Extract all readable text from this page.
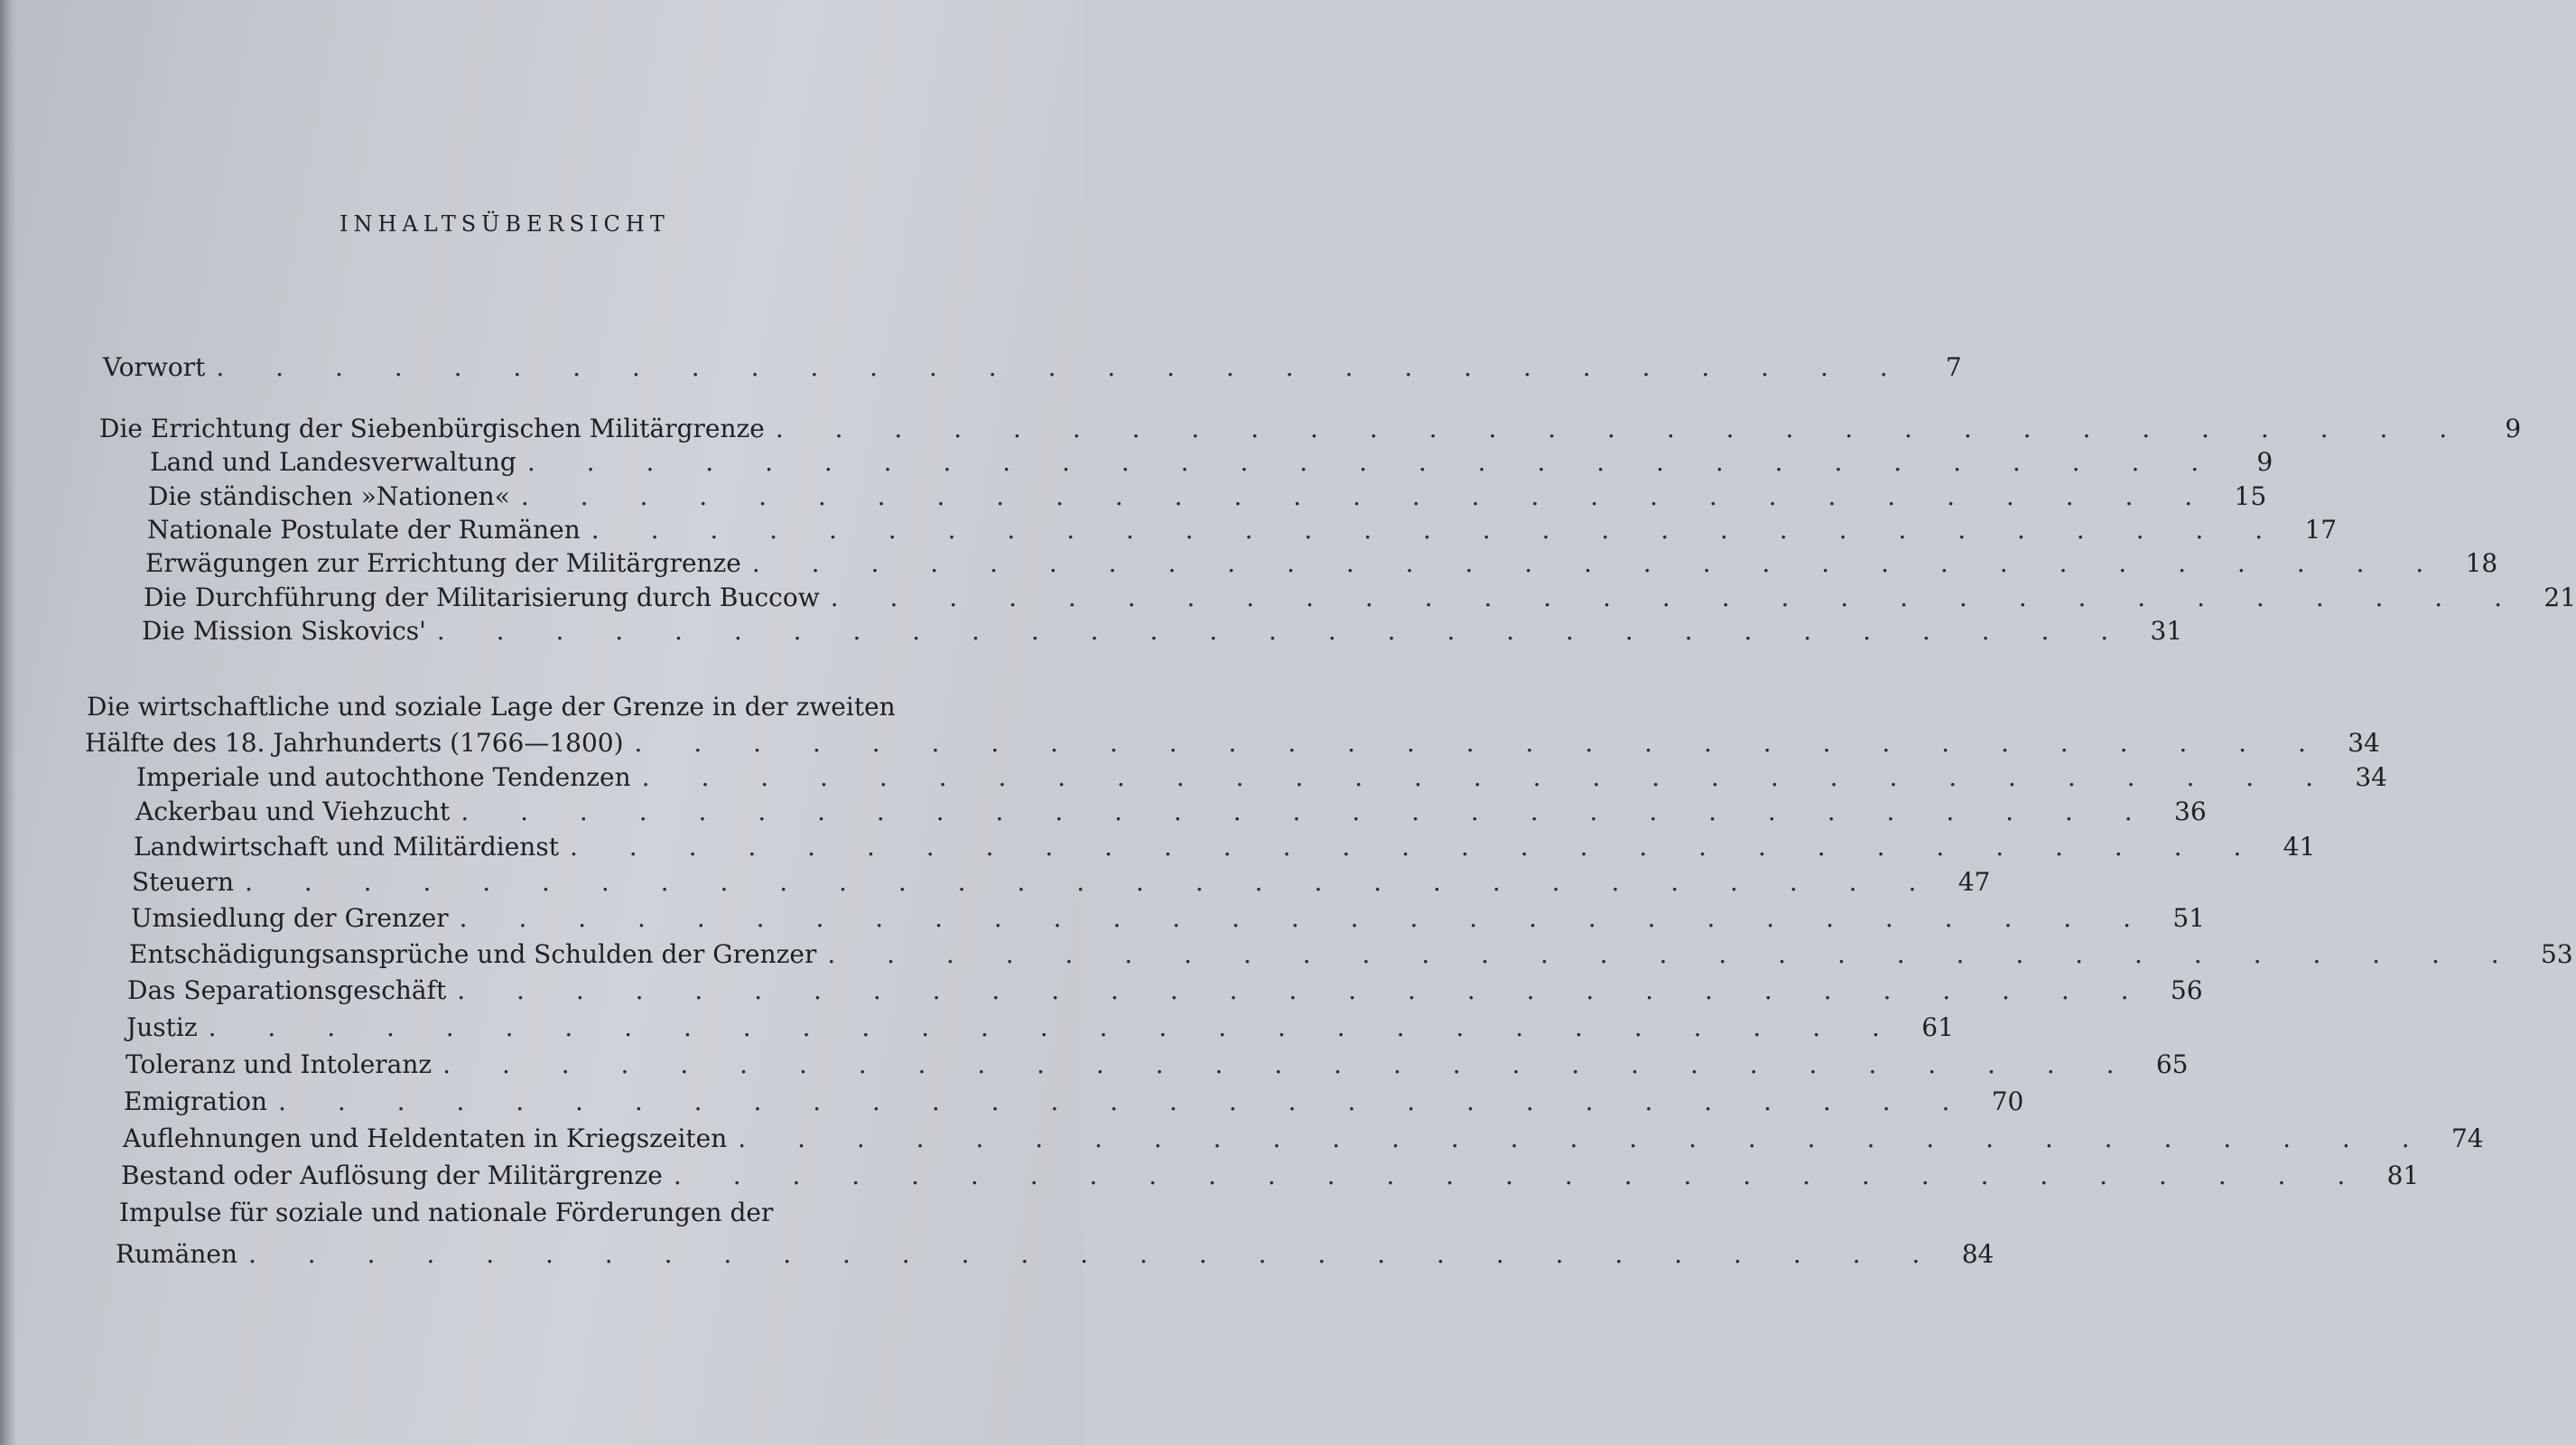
INHALTSÜBERSICHT
Vorwort . . . . . . . . . . . . . . . . . . . . . . . . . . . . .	7
Die Errichtung der Siebenbürgischen Militärgrenze . . . . . . . . . . . . . . . . . . . . . . . . . . . . .	9
Land und Landesverwaltung . . . . . . . . . . . . . . . . . . . . . . . . . . . . .	9
Die ständischen »Nationen« . . . . . . . . . . . . . . . . . . . . . . . . . . . . . 15
Nationale Postulate der Rumänen . . . . . . . . . . . . . . . . . . . . . . . . . . . . . 17
Erwägungen zur Errichtung der Militärgrenze . . . . . . . . . . . . . . . . . . . . . . . . . . . . . 18
Die Durchführung der Militarisierung durch Buccow . . . . . . . . . . . . . . . . . . . . . . . . . . . . . 21
Die Mission Siskovics' . . . . . . . . . . . . . . . . . . . . . . . . . . . . . 31
Die wirtschaftliche und soziale Lage der Grenze in der zweiten
Hälfte des 18. Jahrhunderts (1766—1800) . . . . . . . . . . . . . . . . . . . . . . . . . . . . . 34
Imperiale und autochthone Tendenzen . . . . . . . . . . . . . . . . . . . . . . . . . . . . . 34
Ackerbau und Viehzucht . . . . . . . . . . . . . . . . . . . . . . . . . . . . . 36
Landwirtschaft und Militärdienst . . . . . . . . . . . . . . . . . . . . . . . . . . . . . 41
Steuern . . . . . . . . . . . . . . . . . . . . . . . . . . . . . 47
Umsiedlung der Grenzer . . . . . . . . . . . . . . . . . . . . . . . . . . . . . 51
Entschädigungsansprüche und Schulden der Grenzer . . . . . . . . . . . . . . . . . . . . . . . . . . . . . 53
Das Separationsgeschäft . . . . . . . . . . . . . . . . . . . . . . . . . . . . . 56
Justiz . . . . . . . . . . . . . . . . . . . . . . . . . . . . . 61
Toleranz und Intoleranz . . . . . . . . . . . . . . . . . . . . . . . . . . . . . 65
Emigration . . . . . . . . . . . . . . . . . . . . . . . . . . . . . 70
Auflehnungen und Heldentaten in Kriegszeiten . . . . . . . . . . . . . . . . . . . . . . . . . . . . . 74
Bestand oder Auflösung der Militärgrenze . . . . . . . . . . . . . . . . . . . . . . . . . . . . . 81
Impulse für soziale und nationale Förderungen der
Rumänen . . . . . . . . . . . . . . . . . . . . . . . . . . . . . 84
